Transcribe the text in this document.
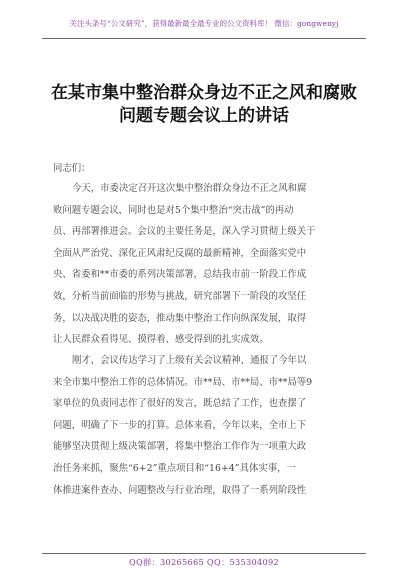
关注头条号“公文研究”，获得最新最全最专业的公文资料库！ 微信：gongwenyj
在某市集中整治群众身边不正之风和腐败
问题专题会议上的讲话
同志们：
今天，市委决定召开这次集中整治群众身边不正之风和腐
败问题专题会议，同时也是对5个集中整治“突击战”的再动
员、再部署推进会。会议的主要任务是，深入学习贯彻上级关于
全面从严治党、深化正风肃纪反腐的最新精神，全面落实党中
央、省委和**市委的系列决策部署，总结我市前一阶段工作成
效，分析当前面临的形势与挑战，研究部署下一阶段的攻坚任
务，以决战决胜的姿态，推动集中整治工作向纵深发展，取得
让人民群众看得见、摸得着、感受得到的扎实成效。
刚才，会议传达学习了上级有关会议精神，通报了今年以
来全市集中整治工作的总体情况。市**局、市**局、市**局等9
家单位的负责同志作了很好的发言，既总结了工作，也查摆了
问题，明确了下一步的打算。总体来看，今年以来，全市上下
能够坚决贯彻上级决策部署，将集中整治工作作为一项重大政
治任务来抓，聚焦“6+2”重点项目和“16+4”具体实事，一
体推进案件查办、问题整改与行业治理，取得了一系列阶段性
QQ群：30265665 QQ：535304092
